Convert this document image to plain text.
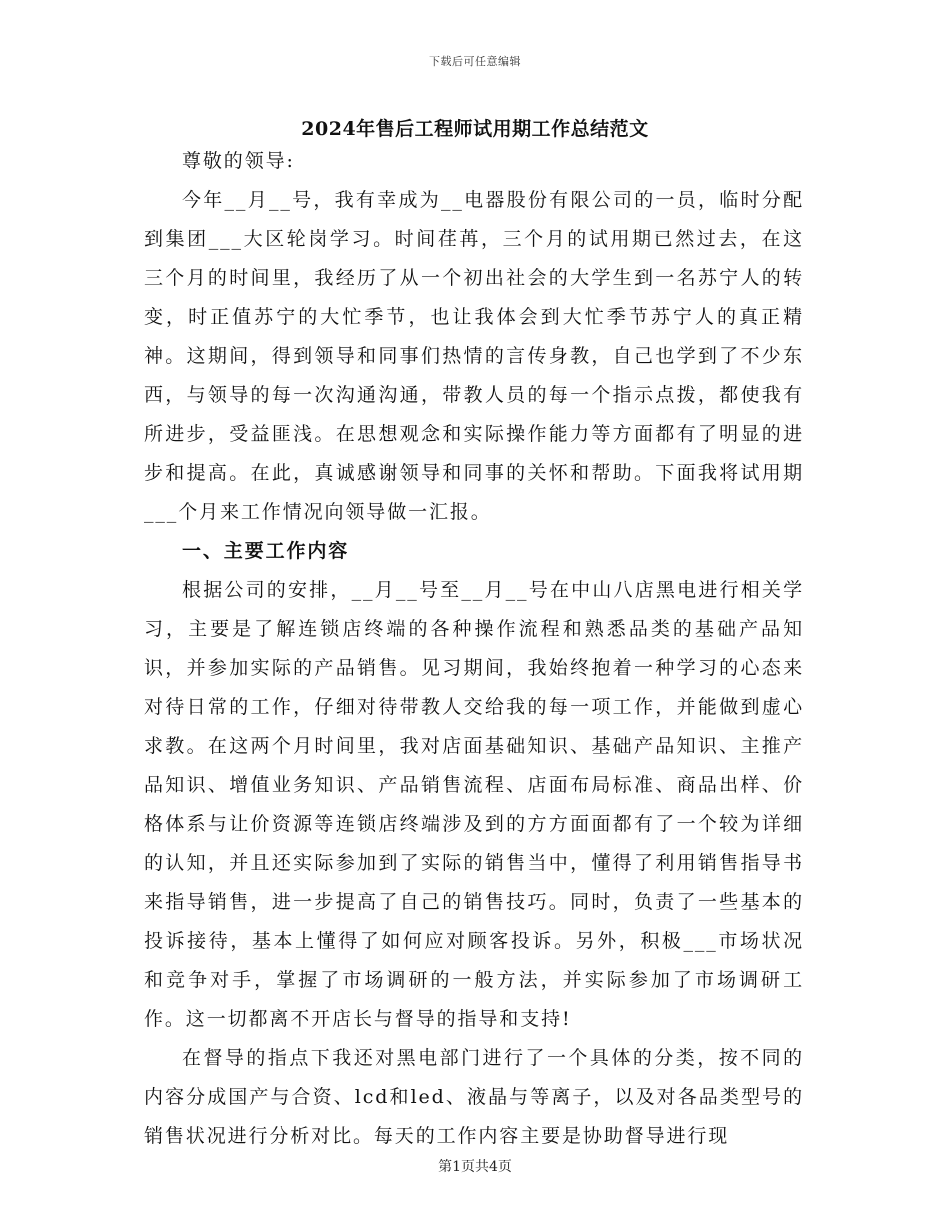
下载后可任意编辑
2024年售后工程师试用期工作总结范文

尊敬的领导:

今年__月__号，我有幸成为__电器股份有限公司的一员，临时分配到集团___大区轮岗学习。时间荏苒，三个月的试用期已然过去，在这三个月的时间里，我经历了从一个初出社会的大学生到一名苏宁人的转变，时正值苏宁的大忙季节，也让我体会到大忙季节苏宁人的真正精神。这期间，得到领导和同事们热情的言传身教，自己也学到了不少东西，与领导的每一次沟通沟通，带教人员的每一个指示点拨，都使我有所进步，受益匪浅。在思想观念和实际操作能力等方面都有了明显的进步和提高。在此，真诚感谢领导和同事的关怀和帮助。下面我将试用期___个月来工作情况向领导做一汇报。

一、主要工作内容

根据公司的安排，__月__号至__月__号在中山八店黑电进行相关学习，主要是了解连锁店终端的各种操作流程和熟悉品类的基础产品知识，并参加实际的产品销售。见习期间，我始终抱着一种学习的心态来对待日常的工作，仔细对待带教人交给我的每一项工作，并能做到虚心求教。在这两个月时间里，我对店面基础知识、基础产品知识、主推产品知识、增值业务知识、产品销售流程、店面布局标准、商品出样、价格体系与让价资源等连锁店终端涉及到的方方面面都有了一个较为详细的认知，并且还实际参加到了实际的销售当中，懂得了利用销售指导书来指导销售，进一步提高了自己的销售技巧。同时，负责了一些基本的投诉接待，基本上懂得了如何应对顾客投诉。另外，积极___市场状况和竞争对手，掌握了市场调研的一般方法，并实际参加了市场调研工作。这一切都离不开店长与督导的指导和支持!

在督导的指点下我还对黑电部门进行了一个具体的分类，按不同的内容分成国产与合资、lcd和led、液晶与等离子，以及对各品类型号的销售状况进行分析对比。每天的工作内容主要是协助督导进行现

第1页共4页
